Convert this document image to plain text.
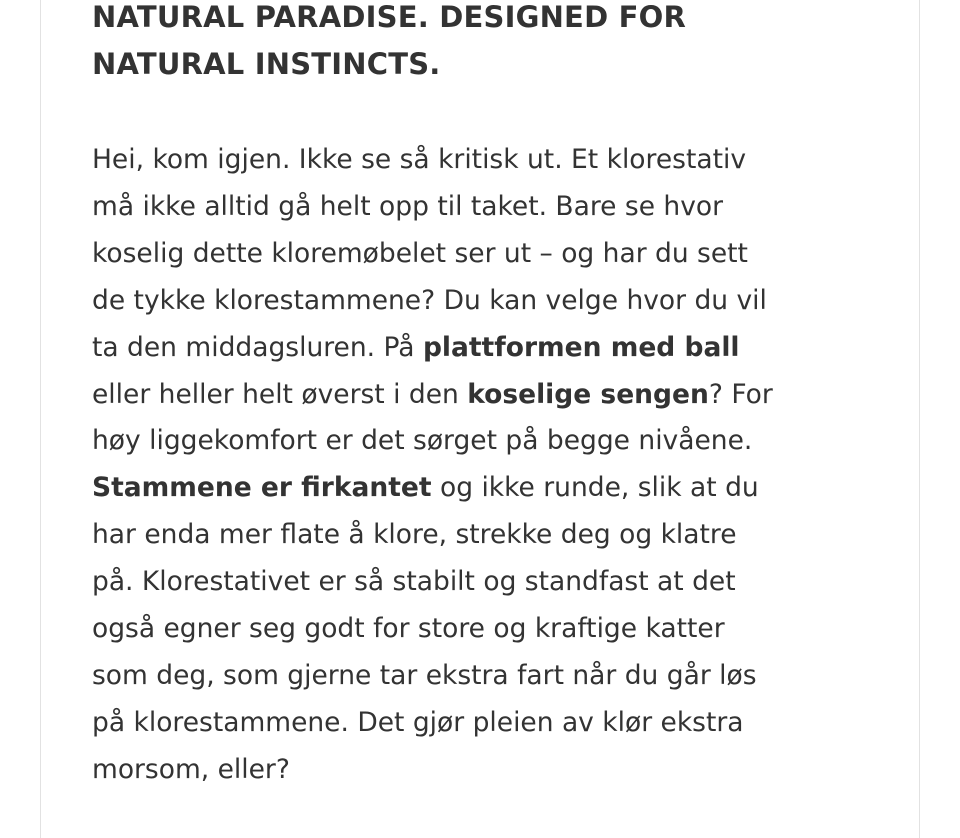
NATURAL PARADISE. DESIGNED FOR
NATURAL INSTINCTS.
Hei, kom igjen. Ikke se så kritisk ut. Et klorestativ
må ikke alltid gå helt opp til taket. Bare se hvor
koselig dette kloremøbelet ser ut – og har du sett
de tykke klorestammene? Du kan velge hvor du vil
ta den middagsluren. På plattformen med ball
eller heller helt øverst i den koselige sengen? For
høy liggekomfort er det sørget på begge nivåene.
Stammene er firkantet og ikke runde, slik at du
har enda mer flate å klore, strekke deg og klatre
på. Klorestativet er så stabilt og standfast at det
også egner seg godt for store og kraftige katter
som deg, som gjerne tar ekstra fart når du går løs
på klorestammene. Det gjør pleien av klør ekstra
morsom, eller?
